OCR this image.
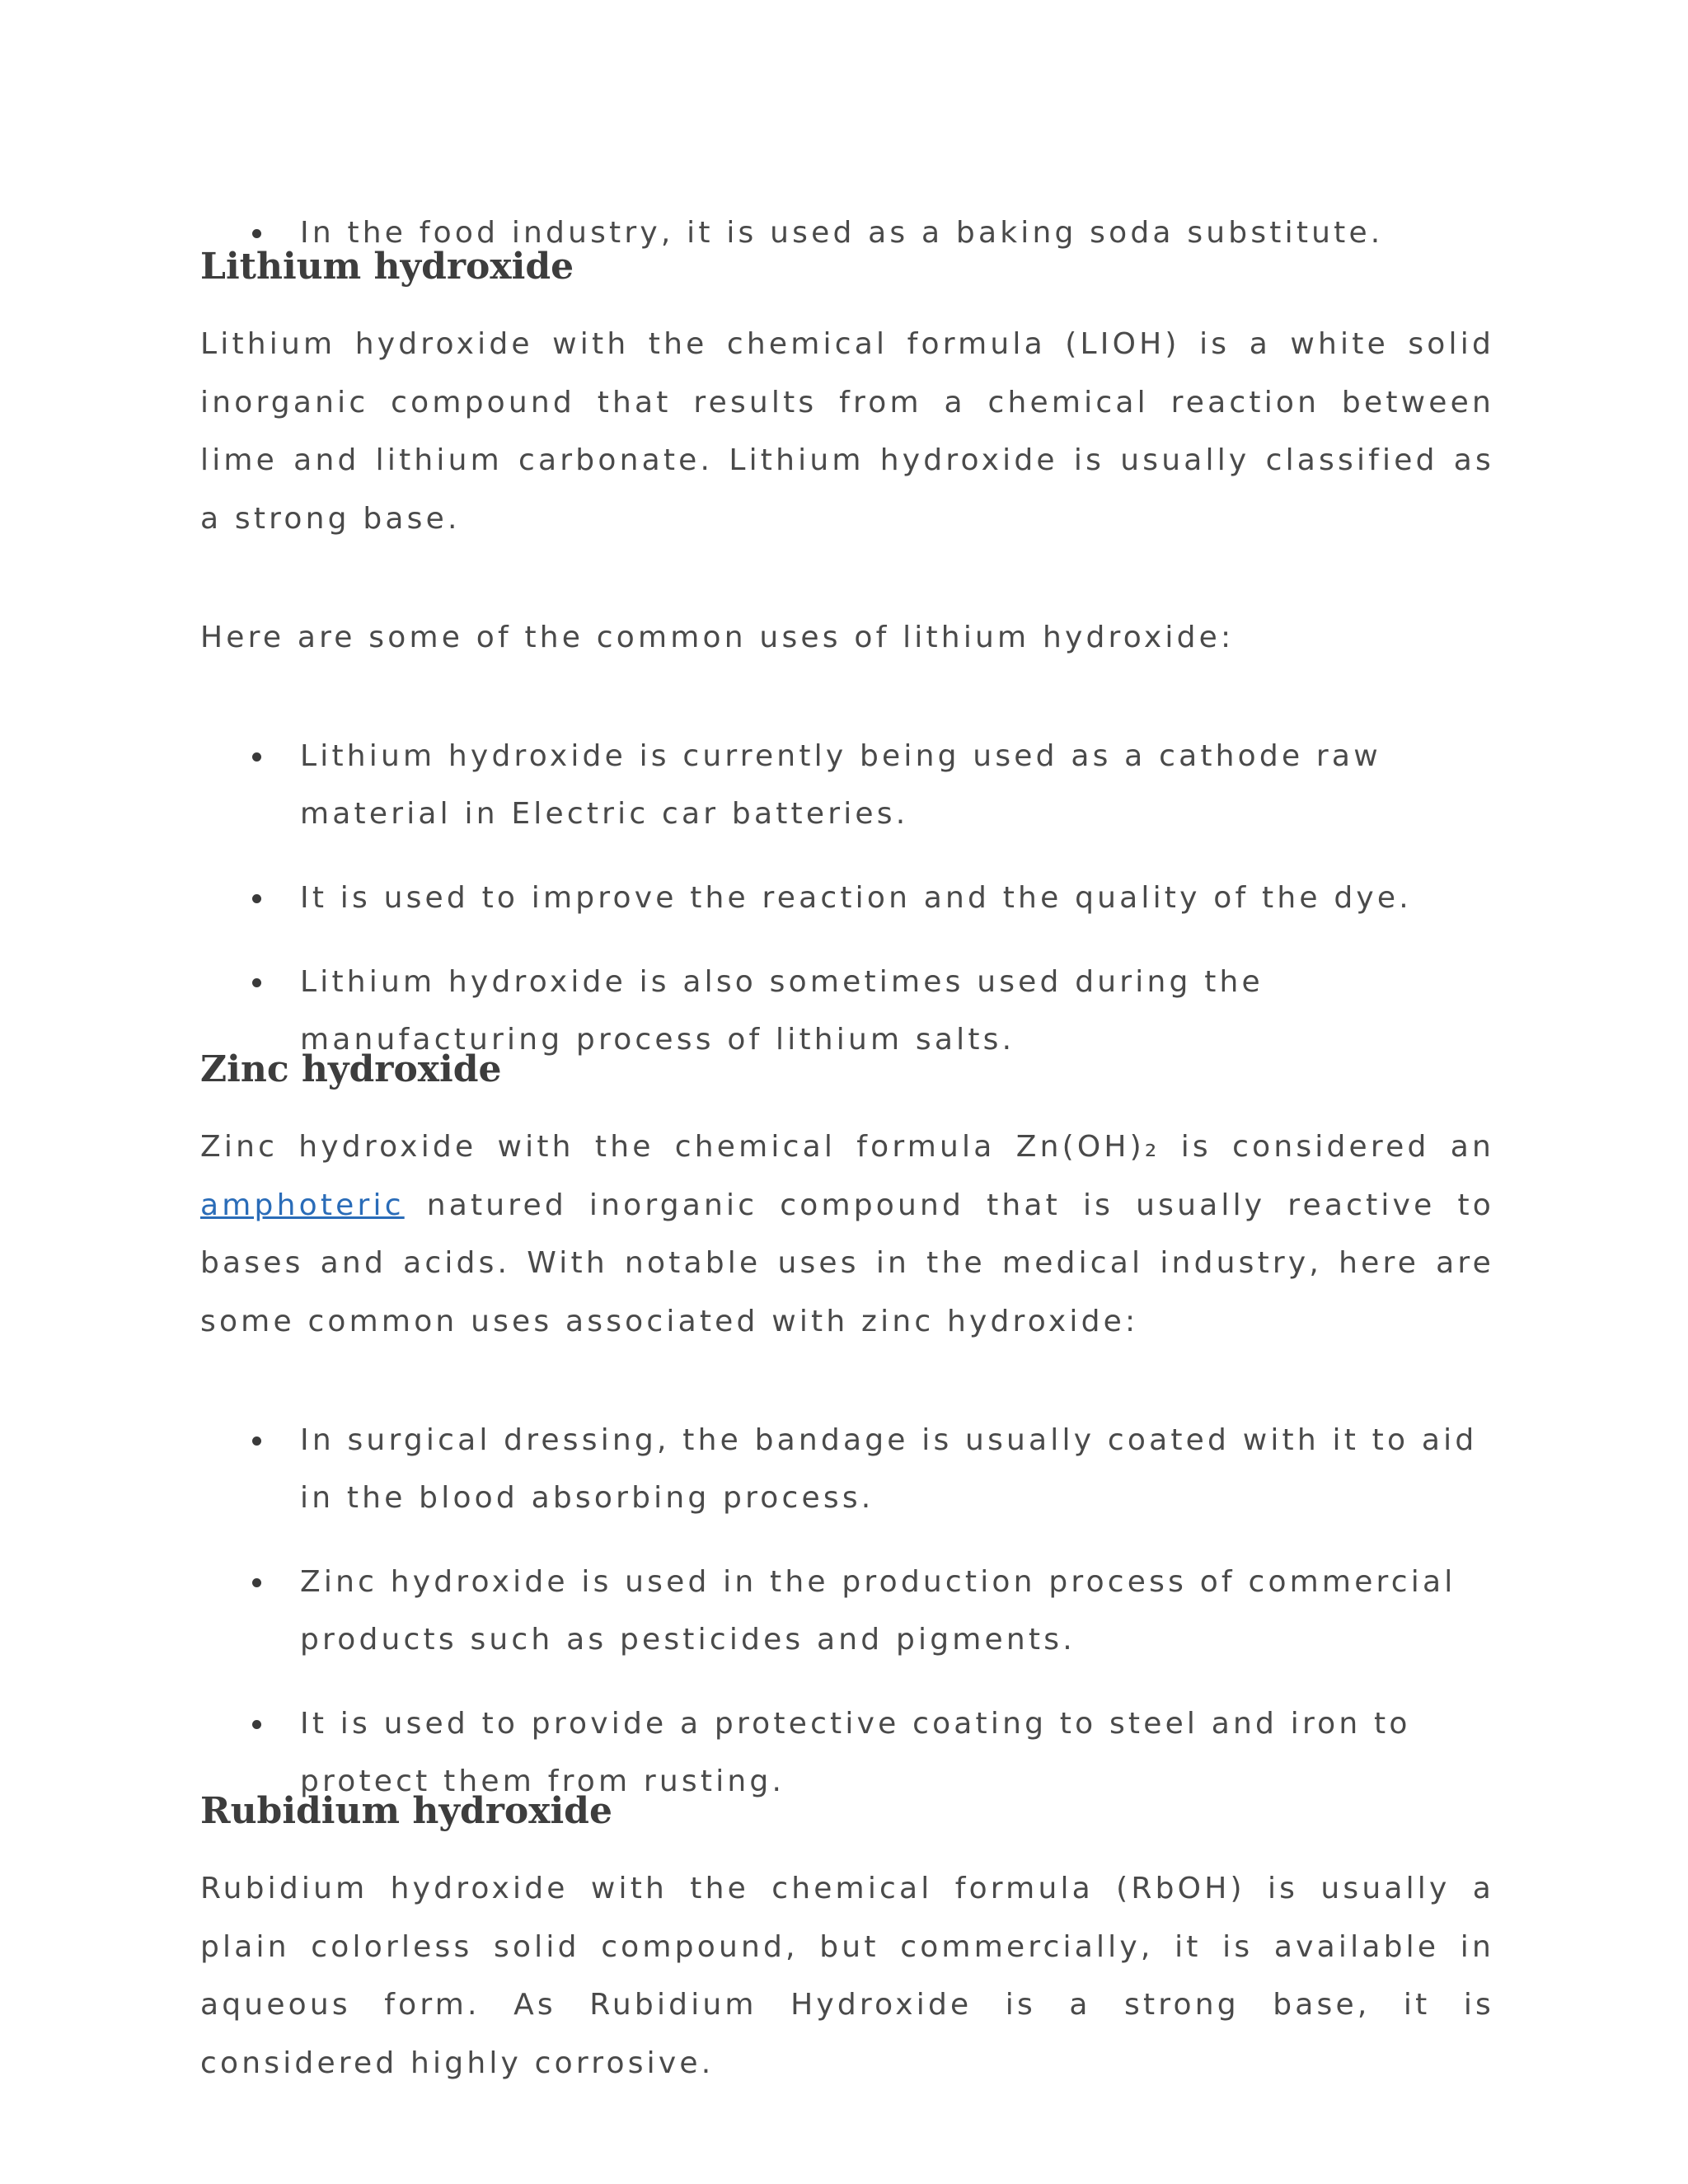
In the food industry, it is used as a baking soda substitute.
Lithium hydroxide

Lithium hydroxide with the chemical formula (LIOH) is a white solid inorganic compound that results from a chemical reaction between lime and lithium carbonate. Lithium hydroxide is usually classified as a strong base.

Here are some of the common uses of lithium hydroxide:

Lithium hydroxide is currently being used as a cathode raw material in Electric car batteries.
It is used to improve the reaction and the quality of the dye.
Lithium hydroxide is also sometimes used during the manufacturing process of lithium salts.
Zinc hydroxide

Zinc hydroxide with the chemical formula Zn(OH)₂ is considered an amphoteric natured inorganic compound that is usually reactive to bases and acids. With notable uses in the medical industry, here are some common uses associated with zinc hydroxide:

In surgical dressing, the bandage is usually coated with it to aid in the blood absorbing process.
Zinc hydroxide is used in the production process of commercial products such as pesticides and pigments.
It is used to provide a protective coating to steel and iron to protect them from rusting.
Rubidium hydroxide

Rubidium hydroxide with the chemical formula (RbOH) is usually a plain colorless solid compound, but commercially, it is available in aqueous form. As Rubidium Hydroxide is a strong base, it is considered highly corrosive.
